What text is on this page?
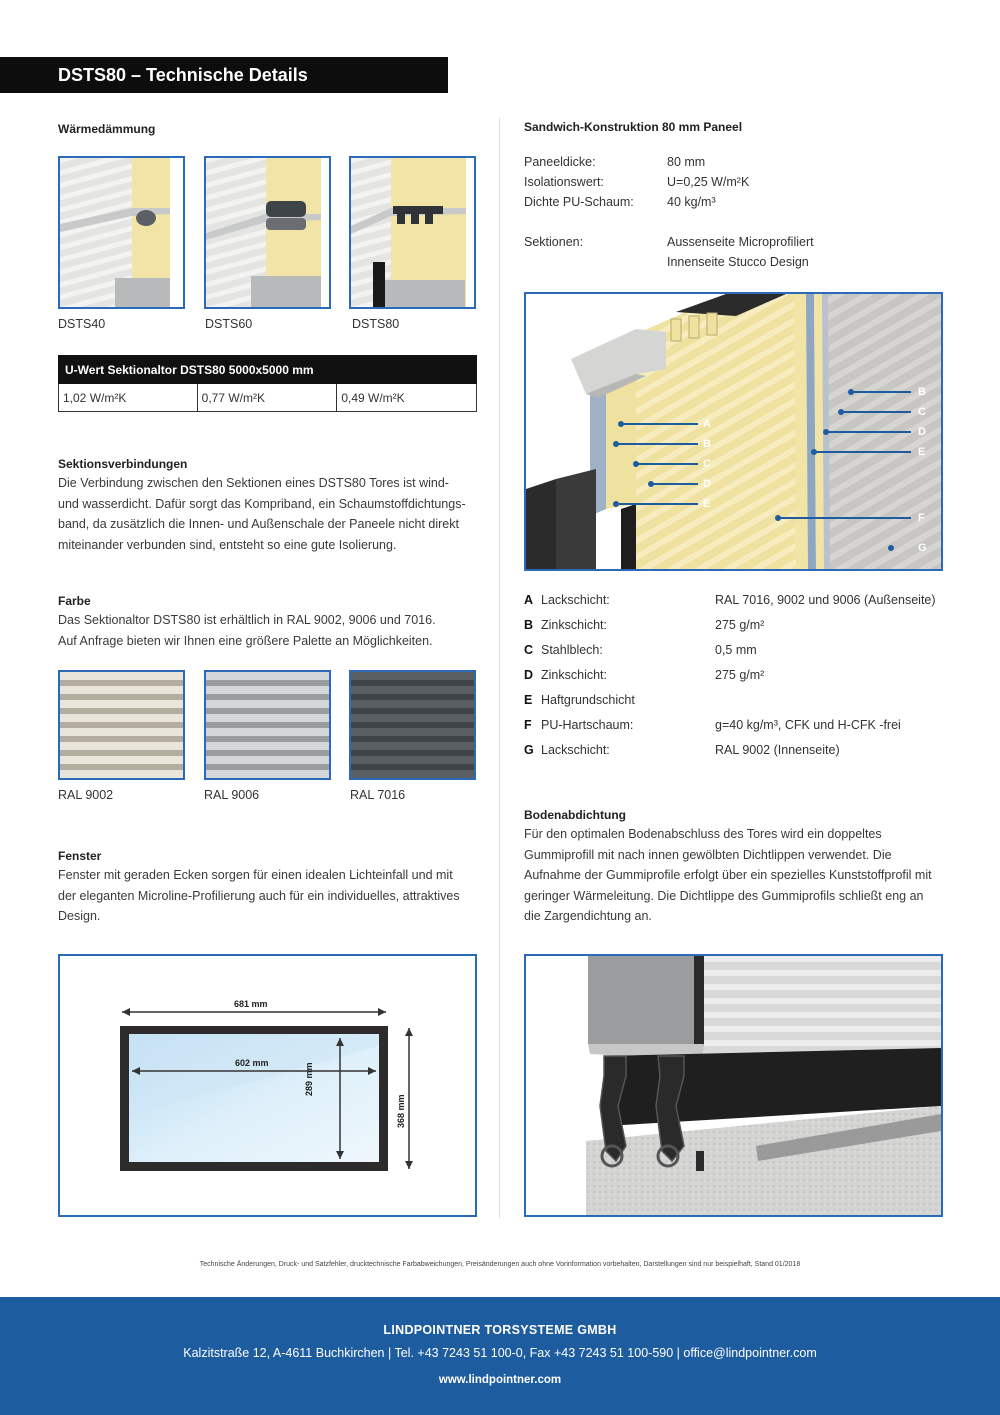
DSTS80 – Technische Details
Wärmedämmung
DSTS40	DSTS60	DSTS80
U-Wert Sektionaltor DSTS80 5000x5000 mm
1,02 W/m²K	0,77 W/m²K	0,49 W/m²K
Sektionsverbindungen
Die Verbindung zwischen den Sektionen eines DSTS80 Tores ist wind-
und wasserdicht. Dafür sorgt das Kompriband, ein Schaumstoffdichtungs-
band, da zusätzlich die Innen- und Außenschale der Paneele nicht direkt
miteinander verbunden sind, entsteht so eine gute Isolierung.
Farbe
Das Sektionaltor DSTS80 ist erhältlich in RAL 9002, 9006 und 7016.
Auf Anfrage bieten wir Ihnen eine größere Palette an Möglichkeiten.
RAL 9002	RAL 9006	RAL 7016
Fenster
Fenster mit geraden Ecken sorgen für einen idealen Lichteinfall und mit
der eleganten Microline-Profilierung auch für ein individuelles, attraktives
Design.
681 mm
602 mm	289 mm
368 mm
Sandwich-Konstruktion 80 mm Paneel
Paneeldicke:	80 mm
Isolationswert:	U=0,25 W/m²K
Dichte PU-Schaum:	40 kg/m³
Sektionen:	Aussenseite Microprofiliert
Innenseite Stucco Design
A
B
C
D
E
B
C
D
E
F
G
A Lackschicht:	RAL 7016, 9002 und 9006 (Außenseite)
B Zinkschicht:	275 g/m²
C Stahlblech:	0,5 mm
D Zinkschicht:	275 g/m²
E Haftgrundschicht
F PU-Hartschaum:	g=40 kg/m³, CFK und H-CFK -frei
G Lackschicht:	RAL 9002 (Innenseite)
Bodenabdichtung
Für den optimalen Bodenabschluss des Tores wird ein doppeltes
Gummiprofill mit nach innen gewölbten Dichtlippen verwendet. Die
Aufnahme der Gummiprofile erfolgt über ein spezielles Kunststoffprofil mit
geringer Wärmeleitung. Die Dichtlippe des Gummiprofils schließt eng an
die Zargendichtung an.
Technische Änderungen, Druck- und Satzfehler, drucktechnische Farbabweichungen, Preisänderungen auch ohne Vorinformation vorbehalten, Darstellungen sind nur beispielhaft, Stand 01/2018
LINDPOINTNER TORSYSTEME GMBH
Kalzitstraße 12, A-4611 Buchkirchen | Tel. +43 7243 51 100-0, Fax +43 7243 51 100-590 | office@lindpointner.com
www.lindpointner.com
